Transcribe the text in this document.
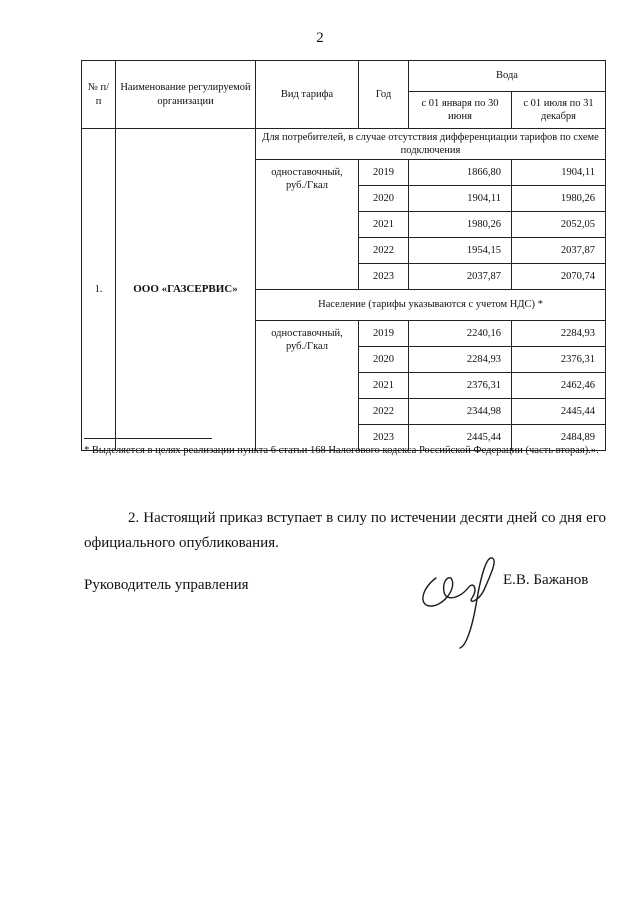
2
№ п/п	Наименование регулируемой организации	Вид тарифа	Год	Вода	
				с 01 января по 30 июня	с 01 июля по 31 декабря
1.	ООО «ГАЗСЕРВИС»	Для потребителей, в случае отсутствия дифференциации тарифов по схеме подключения			
		одноставочный, руб./Гкал	2019	1866,80	1904,11
			2020	1904,11	1980,26
			2021	1980,26	2052,05
			2022	1954,15	2037,87
			2023	2037,87	2070,74
		Население (тарифы указываются с учетом НДС) *			
		одноставочный, руб./Гкал	2019	2240,16	2284,93
			2020	2284,93	2376,31
			2021	2376,31	2462,46
			2022	2344,98	2445,44
			2023	2445,44	2484,89
* Выделяется в целях реализации пункта 6 статьи 168 Налогового кодекса Российской Федерации (часть вторая).».
2. Настоящий приказ вступает в силу по истечении десяти дней со дня его официального опубликования.
Руководитель управления	Е.В. Бажанов
